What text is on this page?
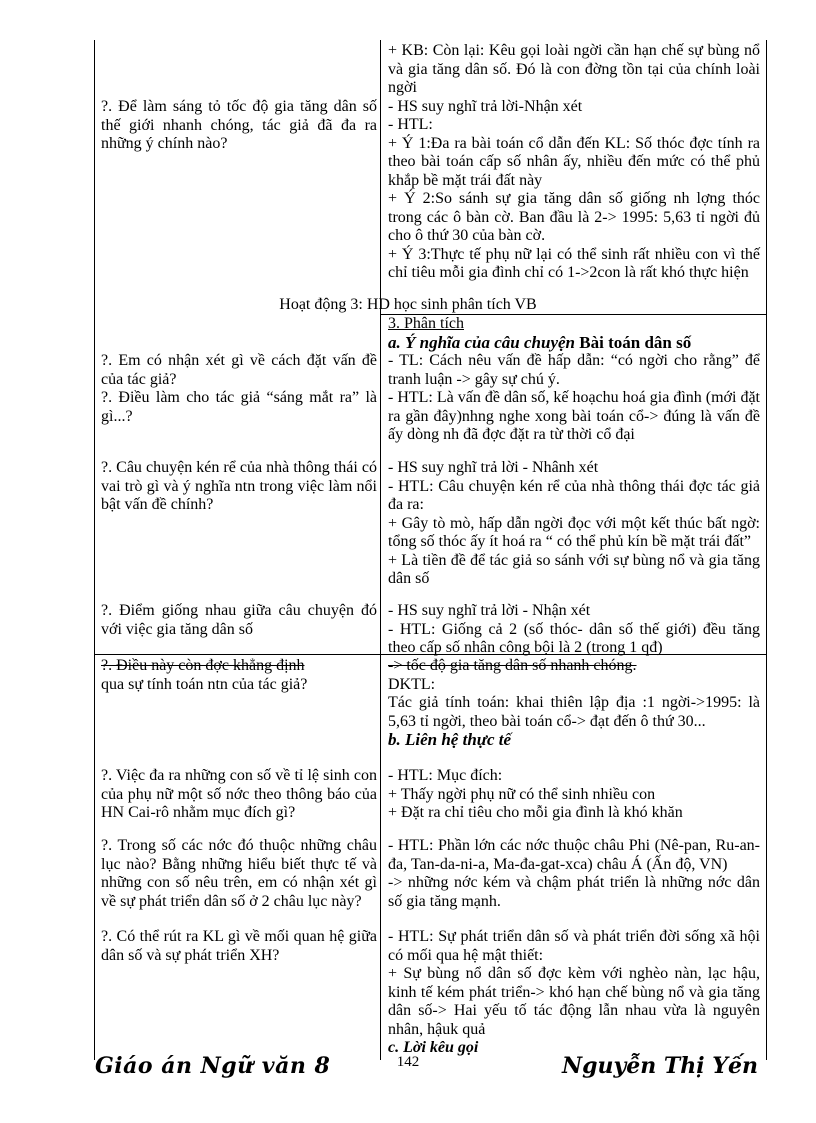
+ KB: Còn lại: Kêu gọi loài ngời cần hạn chế sự bùng nổ và gia tăng dân số. Đó là con đờng tồn tại của chính loài ngời

- HS suy nghĩ trả lời-Nhận xét

- HTL:

+ Ý 1:Đa ra bài toán cổ dẫn đến KL: Số thóc đợc tính ra theo bài toán cấp số nhân ấy, nhiều đến mức có thể phủ khắp bề mặt trái đất này

+ Ý 2:So sánh sự gia tăng dân số giống nh lợng thóc trong các ô bàn cờ. Ban đầu là 2-> 1995: 5,63 tỉ ngời đủ cho ô thứ 30 của bàn cờ.

+ Ý 3:Thực tế phụ nữ lại có thể sinh rất nhiều con vì thế chỉ tiêu mỗi gia đình chỉ có 1->2con là rất khó thực hiện

?. Để làm sáng tỏ tốc độ gia tăng dân số thế giới nhanh chóng, tác giả đã đa ra những ý chính nào?
Hoạt động 3: HD học sinh phân tích VB

3. Phân tích

a. Ý nghĩa của câu chuyện Bài toán dân số

?. Em có nhận xét gì về cách đặt vấn đề của tác giả?
?. Điều làm cho tác giả “sáng mắt ra” là gì...?

- TL: Cách nêu vấn đề hấp dẫn: “có ngời cho rằng” để tranh luận -> gây sự chú ý.

- HTL: Là vấn đề dân số, kế hoạchu hoá gia đình (mới đặt ra gần đây)nhng nghe xong bài toán cổ-> đúng là vấn đề ấy dòng nh đã đợc đặt ra từ thời cổ đại

?. Câu chuyện kén rể của nhà thông thái có vai trò gì và ý nghĩa ntn trong việc làm nổi bật vấn đề chính?

- HS suy nghĩ trả lời - Nhânh xét

- HTL: Câu chuyện kén rể của nhà thông thái đợc tác giả đa ra:

+ Gây tò mò, hấp dẫn ngời đọc với một kết thúc bất ngờ: tổng số thóc ấy ít hoá ra “ có thể phủ kín bề mặt trái đất”

+ Là tiền đề để tác giả so sánh với sự bùng nổ và gia tăng dân số

?. Điểm giống nhau giữa câu chuyện đó với việc gia tăng dân số

- HS suy nghĩ trả lời - Nhận xét

- HTL: Giống cả 2 (số thóc- dân số thế giới) đều tăng theo cấp số nhân công bội là 2 (trong 1 qđ)

?. Điều này còn đợc khẳng định

qua sự tính toán ntn của tác giả?

-> tốc độ gia tăng dân số nhanh chóng.

DKTL:

Tác giả tính toán: khai thiên lập địa :1 ngời->1995: là 5,63 tỉ ngời, theo bài toán cổ-> đạt đến ô thứ 30...

b. Liên hệ thực tế

?. Việc đa ra những con số về tỉ lệ sinh con của phụ nữ một số nớc theo thông báo của HN Cai-rô nhằm mục đích gì?

- HTL: Mục đích:

+ Thấy ngời phụ nữ có thể sinh nhiều con

+ Đặt ra chỉ tiêu cho mỗi gia đình là khó khăn

?. Trong số các nớc đó thuộc những châu lục nào? Bằng những hiểu biết thực tế và những con số nêu trên, em có nhận xét gì về sự phát triển dân số ở 2 châu lục này?

- HTL: Phần lớn các nớc thuộc châu Phi (Nê-pan, Ru-an-đa, Tan-da-ni-a, Ma-đa-gat-xca) châu Á (Ấn độ, VN)

-> những nớc kém và chậm phát triển là những nớc dân số gia tăng mạnh.

?. Có thể rút ra KL gì về mối quan hệ giữa dân số và sự phát triển XH?

- HTL: Sự phát triển dân số và phát triển đời sống xã hội có mối qua hệ mật thiết:

+ Sự bùng nổ dân số đợc kèm với nghèo nàn, lạc hậu, kinh tế kém phát triển-> khó hạn chế bùng nổ và gia tăng dân số-> Hai yếu tố tác động lẫn nhau vừa là nguyên nhân, hậuk quả

c. Lời kêu gọi

Giáo án Ngữ văn 8	142	Nguyễn Thị Yến
